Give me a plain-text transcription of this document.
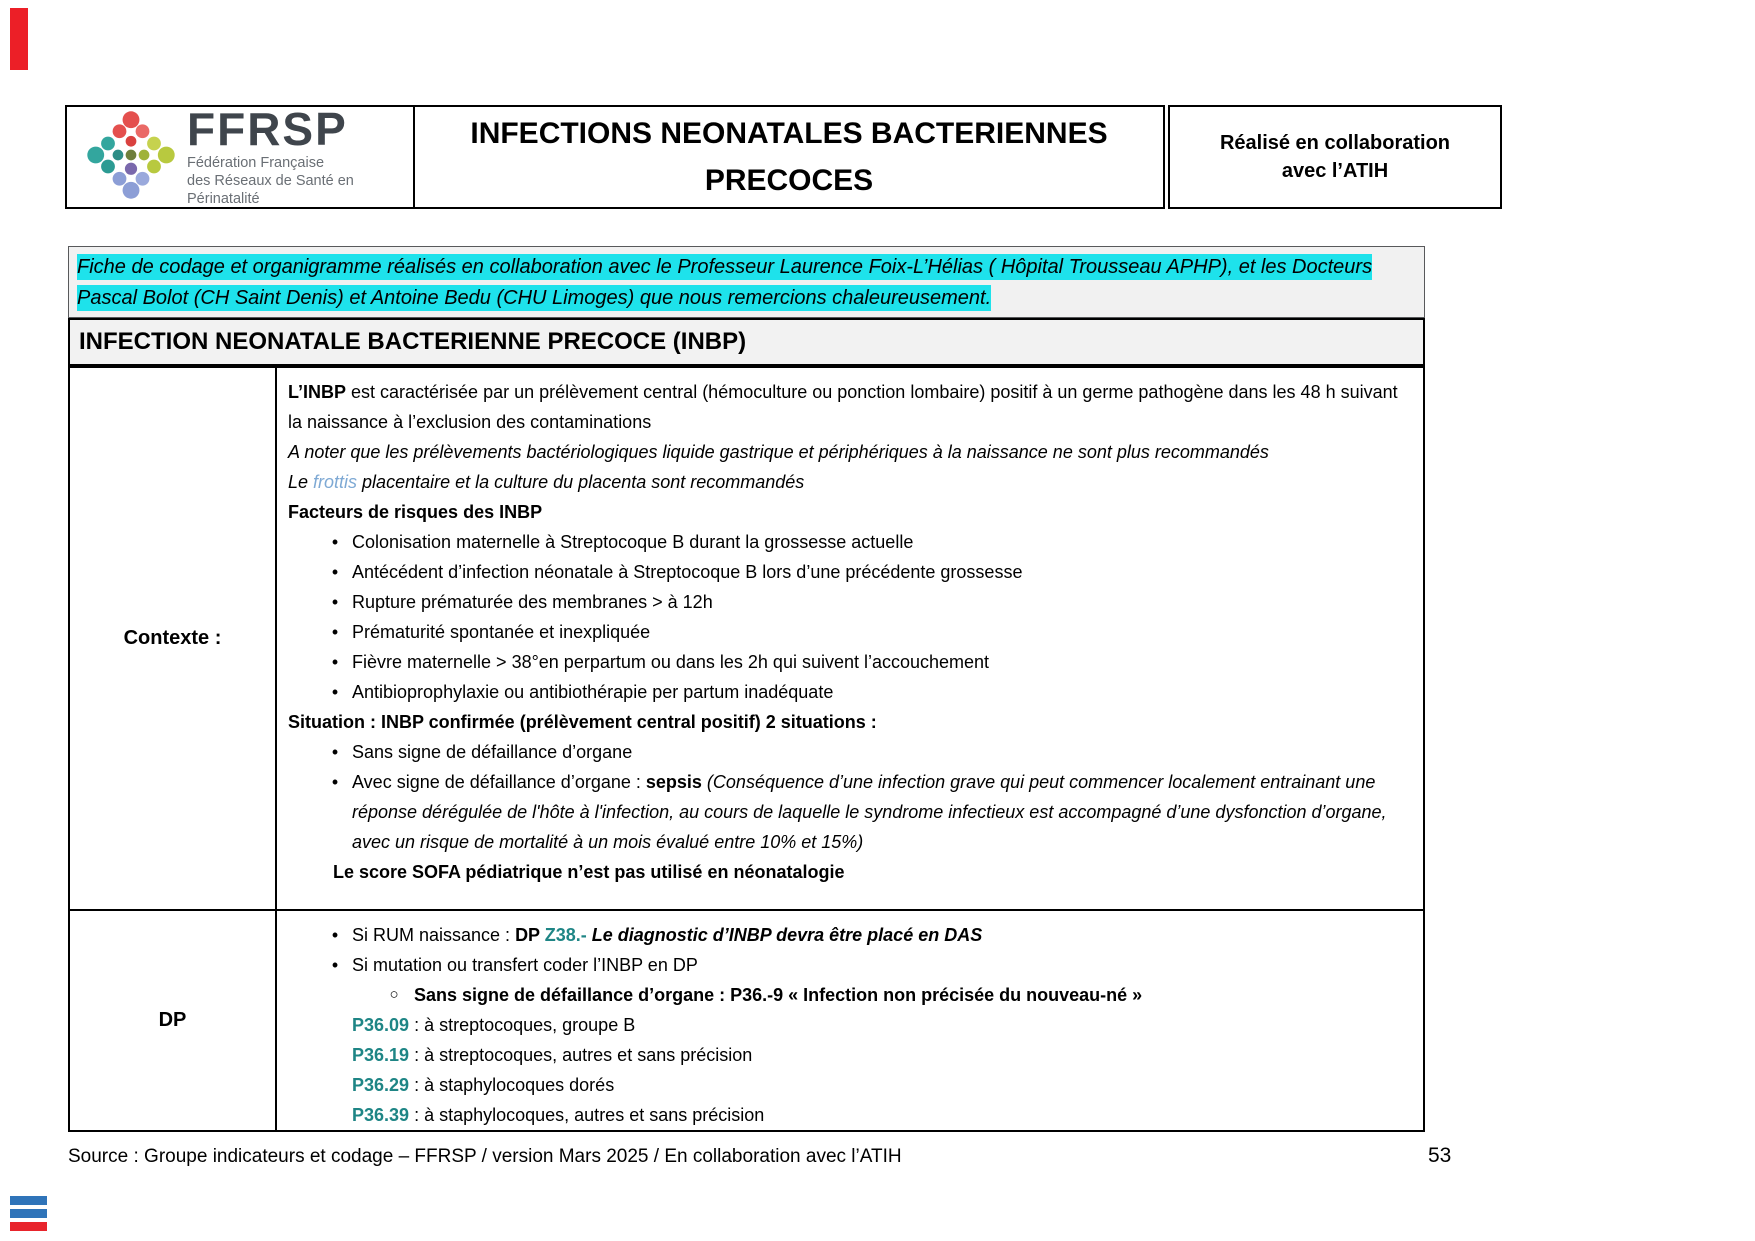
FFRSP
Fédération Française
des Réseaux de Santé en Périnatalité
INFECTIONS NEONATALES BACTERIENNES
PRECOCES
Réalisé en collaboration
avec l’ATIH
Fiche de codage et organigramme réalisés en collaboration avec le Professeur Laurence Foix-L’Hélias ( Hôpital Trousseau APHP), et les Docteurs Pascal Bolot (CH Saint Denis) et Antoine Bedu (CHU Limoges) que nous remercions chaleureusement.
INFECTION NEONATALE BACTERIENNE PRECOCE (INBP)
Contexte :

L’INBP est caractérisée par un prélèvement central (hémoculture ou ponction lombaire) positif à un germe pathogène dans les 48 h suivant la naissance à l’exclusion des contaminations

A noter que les prélèvements bactériologiques liquide gastrique et périphériques à la naissance ne sont plus recommandés

Le frottis placentaire et la culture du placenta sont recommandés

Facteurs de risques des INBP

• Colonisation maternelle à Streptocoque B durant la grossesse actuelle
• Antécédent d’infection néonatale à Streptocoque B lors d’une précédente grossesse
• Rupture prématurée des membranes > à 12h
• Prématurité spontanée et inexpliquée
• Fièvre maternelle > 38°en perpartum ou dans les 2h qui suivent l’accouchement
• Antibioprophylaxie ou antibiothérapie per partum inadéquate

Situation : INBP confirmée (prélèvement central positif) 2 situations :

• Sans signe de défaillance d’organe
• Avec signe de défaillance d’organe : sepsis (Conséquence d’une infection grave qui peut commencer localement entrainant une réponse dérégulée de l'hôte à l'infection, au cours de laquelle le syndrome infectieux est accompagné d’une dysfonction d’organe, avec un risque de mortalité à un mois évalué entre 10% et 15%)

Le score SOFA pédiatrique n’est pas utilisé en néonatalogie

DP
• Si RUM naissance : DP Z38.- Le diagnostic d’INBP devra être placé en DAS
• Si mutation ou transfert coder l’INBP en DP
○ Sans signe de défaillance d’organe : P36.-9 « Infection non précisée du nouveau-né »

P36.09 : à streptocoques, groupe B

P36.19 : à streptocoques, autres et sans précision

P36.29 : à staphylocoques dorés

P36.39 : à staphylocoques, autres et sans précision

Source : Groupe indicateurs et codage – FFRSP / version Mars 2025 / En collaboration avec l’ATIH	53
